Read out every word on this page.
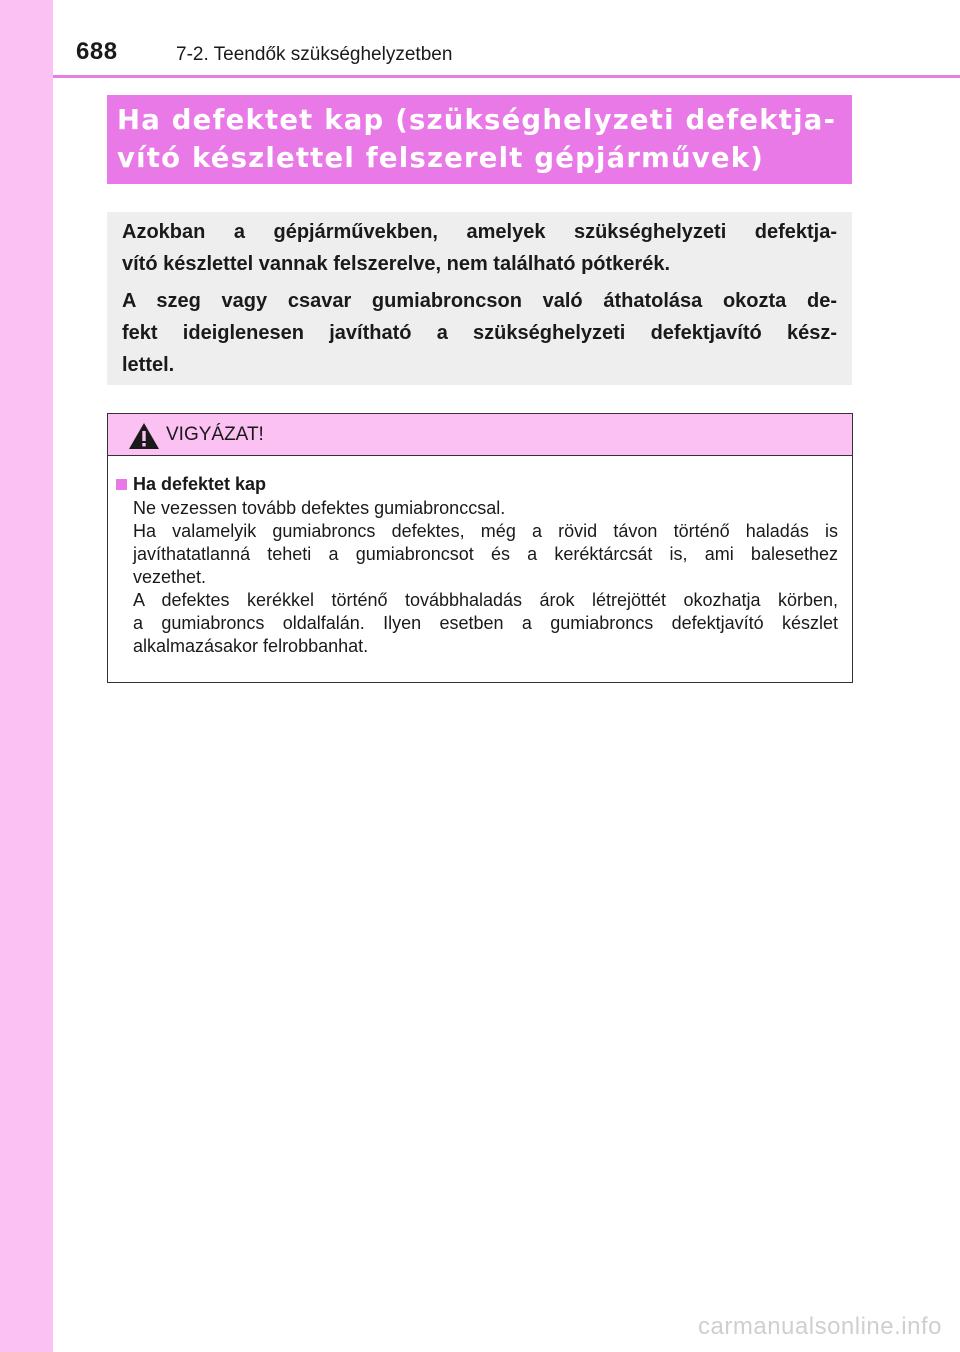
688	7-2. Teendők szükséghelyzetben
Ha defektet kap (szükséghelyzeti defektja-
vító készlettel felszerelt gépjárművek)

Azokban a gépjárművekben, amelyek szükséghelyzeti defektja-

vító készlettel vannak felszerelve, nem található pótkerék.

A szeg vagy csavar gumiabroncson való áthatolása okozta de-

fekt ideiglenesen javítható a szükséghelyzeti defektjavító kész-

lettel.

VIGYÁZAT!
Ha defektet kap

Ne vezessen tovább defektes gumiabronccsal.
Ha valamelyik gumiabroncs defektes, még a rövid távon történő haladás is
javíthatatlanná teheti a gumiabroncsot és a keréktárcsát is, ami balesethez
vezethet.
A defektes kerékkel történő továbbhaladás árok létrejöttét okozhatja körben,
a gumiabroncs oldalfalán. Ilyen esetben a gumiabroncs defektjavító készlet
alkalmazásakor felrobbanhat.

carmanualsonline.info
